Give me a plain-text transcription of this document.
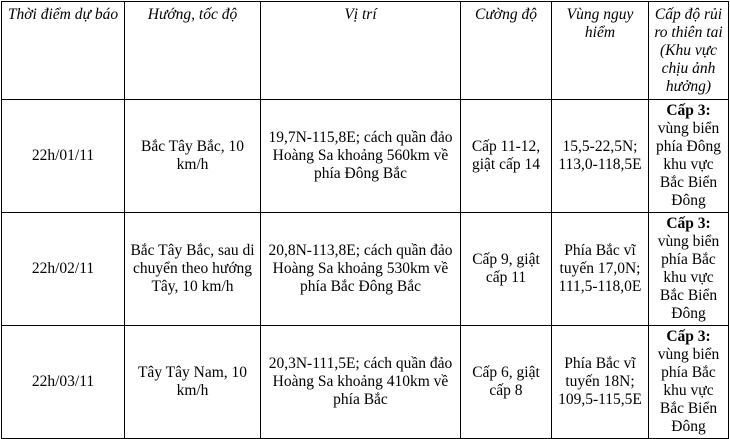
Thời điểm dự báo	Hướng, tốc độ	Vị trí	Cường độ	Vùng nguy hiểm	Cấp độ rủi ro thiên tai (Khu vực chịu ảnh hưởng)
22h/01/11	Bắc Tây Bắc, 10 km/h	19,7N-115,8E; cách quần đảo Hoàng Sa khoảng 560km về phía Đông Bắc	Cấp 11-12, giật cấp 14	15,5-22,5N; 113,0-118,5E	Cấp 3: vùng biển phía Đông khu vực Bắc Biển Đông
22h/02/11	Bắc Tây Bắc, sau di chuyển theo hướng Tây, 10 km/h	20,8N-113,8E; cách quần đảo Hoàng Sa khoảng 530km về phía Bắc Đông Bắc	Cấp 9, giật cấp 11	Phía Bắc vĩ tuyến 17,0N; 111,5-118,0E	Cấp 3: vùng biển phía Bắc khu vực Bắc Biển Đông
22h/03/11	Tây Tây Nam, 10 km/h	20,3N-111,5E; cách quần đảo Hoàng Sa khoảng 410km về phía Bắc	Cấp 6, giật cấp 8	Phía Bắc vĩ tuyến 18N; 109,5-115,5E	Cấp 3: vùng biển phía Bắc khu vực Bắc Biển Đông
